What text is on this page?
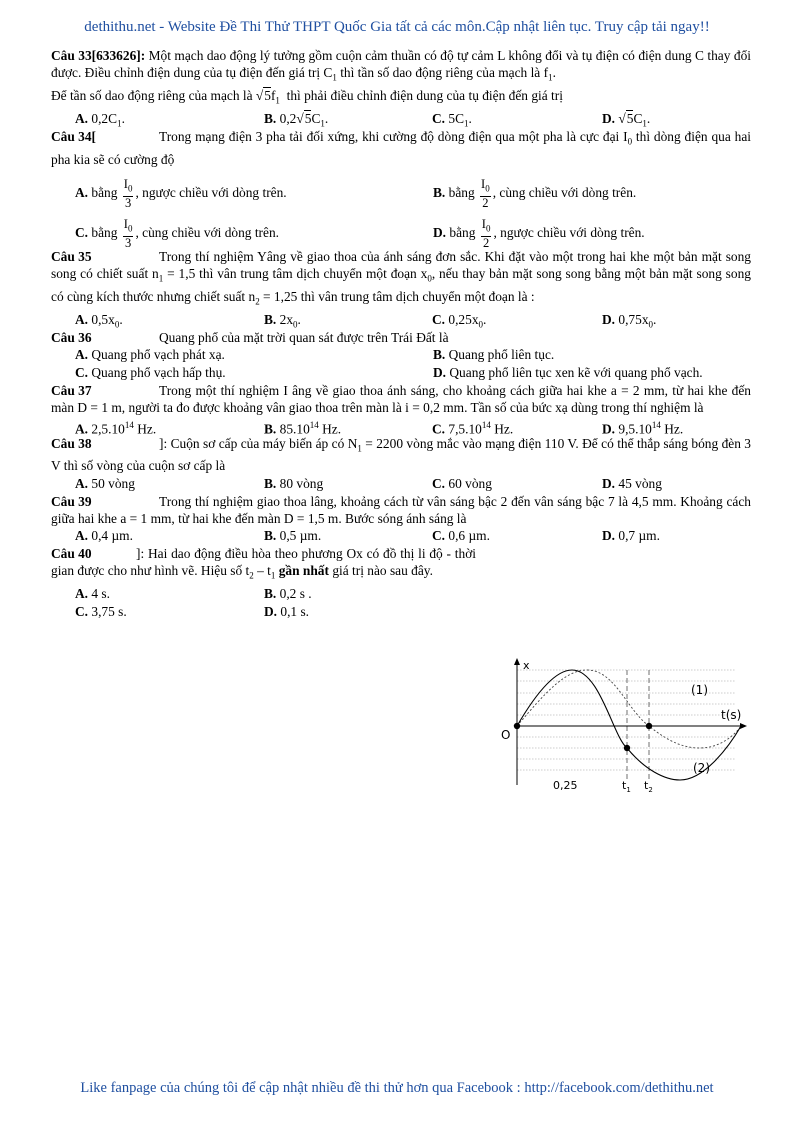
dethithu.net - Website Đề Thi Thử THPT Quốc Gia tất cả các môn.Cập nhật liên tục. Truy cập tải ngay!!

Câu 33[633626]: Một mạch dao động lý tưởng gồm cuộn cảm thuần có độ tự cảm L không đổi và tụ điện có điện dung C thay đổi được. Điều chỉnh điện dung của tụ điện đến giá trị $C_1$ thì tần số dao động riêng của mạch là $f_1$.
Để tần số dao động riêng của mạch là $√5f_1$ thì phải điều chỉnh điện dung của tụ điện đến giá trị

A. $0,2C_1$.	B. $0,2√5C_1$.	C. $5C_1$.	D. $√5C_1$.

Câu 34[	Trong mạng điện 3 pha tải đối xứng, khi cường độ dòng điện qua một pha là cực đại $I_0$ thì dòng điện qua hai pha kia sẽ có cường độ

A. bằng $\frac{I_0}{3}$ , ngược chiều với dòng trên.	B. bằng $\frac{I_0}{2}$ , cùng chiều với dòng trên.
C. bằng $\frac{I_0}{3}$ , cùng chiều với dòng trên.	D. bằng $\frac{I_0}{2}$ , ngược chiều với dòng trên.

Câu 35	Trong thí nghiệm Yâng về giao thoa của ánh sáng đơn sắc. Khi đặt vào một trong hai khe một bản mặt song song có chiết suất $n_1 = 1,5$ thì vân trung tâm dịch chuyển một đoạn $x_0$, nếu thay bản mặt song song bằng một bản mặt song song có cùng kích thước nhưng chiết suất $n_2 = 1,25$ thì vân trung tâm dịch chuyển một đoạn là :

A. $0,5x_0$.	B. $2x_0$.	C. $0,25x_0$.	D. $0,75x_0$.

Câu 36	Quang phổ của mặt trời quan sát được trên Trái Đất là

A. Quang phổ vạch phát xạ.	B. Quang phổ liên tục.
C. Quang phổ vạch hấp thụ.	D. Quang phổ liên tục xen kẽ với quang phổ vạch.

Câu 37	Trong một thí nghiệm I âng về giao thoa ánh sáng, cho khoảng cách giữa hai khe a = 2 mm, từ hai khe đến màn D = 1 m, người ta đo được khoảng vân giao thoa trên màn là i = 0,2 mm. Tần số của bức xạ dùng trong thí nghiệm là

A. 2,5.10$^{14}$ Hz.	B. 85.10$^{14}$ Hz.	C. 7,5.10$^{14}$ Hz.	D. 9,5.10$^{14}$ Hz.

Câu 38	]: Cuộn sơ cấp của máy biến áp có $N_1 = 2200$ vòng mắc vào mạng điện 110 V. Để có thể thắp sáng bóng đèn 3 V thì số vòng của cuộn sơ cấp là

A. 50 vòng	B. 80 vòng	C. 60 vòng	D. 45 vòng

Câu 39	Trong thí nghiệm giao thoa lâng, khoảng cách từ vân sáng bậc 2 đến vân sáng bậc 7 là 4,5 mm. Khoảng cách giữa hai khe a = 1 mm, từ hai khe đến màn D = 1,5 m. Bước sóng ánh sáng là

A. 0,4 µm.	B. 0,5 µm.	C. 0,6 µm.	D. 0,7 µm.

Câu 40	]: Hai dao động điều hòa theo phương Ox có đồ thị li độ - thời gian được cho như hình vẽ. Hiệu số $t_2 - t_1$ gần nhất giá trị nào sau đây.

A. 4 s.	B. 0,2 s .
C. 3,75 s.	D. 0,1 s.
x
t(s)
O
(1)
(2)
0,25	$t_1$ $t_2$
Like fanpage của chúng tôi để cập nhật nhiều đề thi thử hơn qua Facebook : http://facebook.com/dethithu.net
